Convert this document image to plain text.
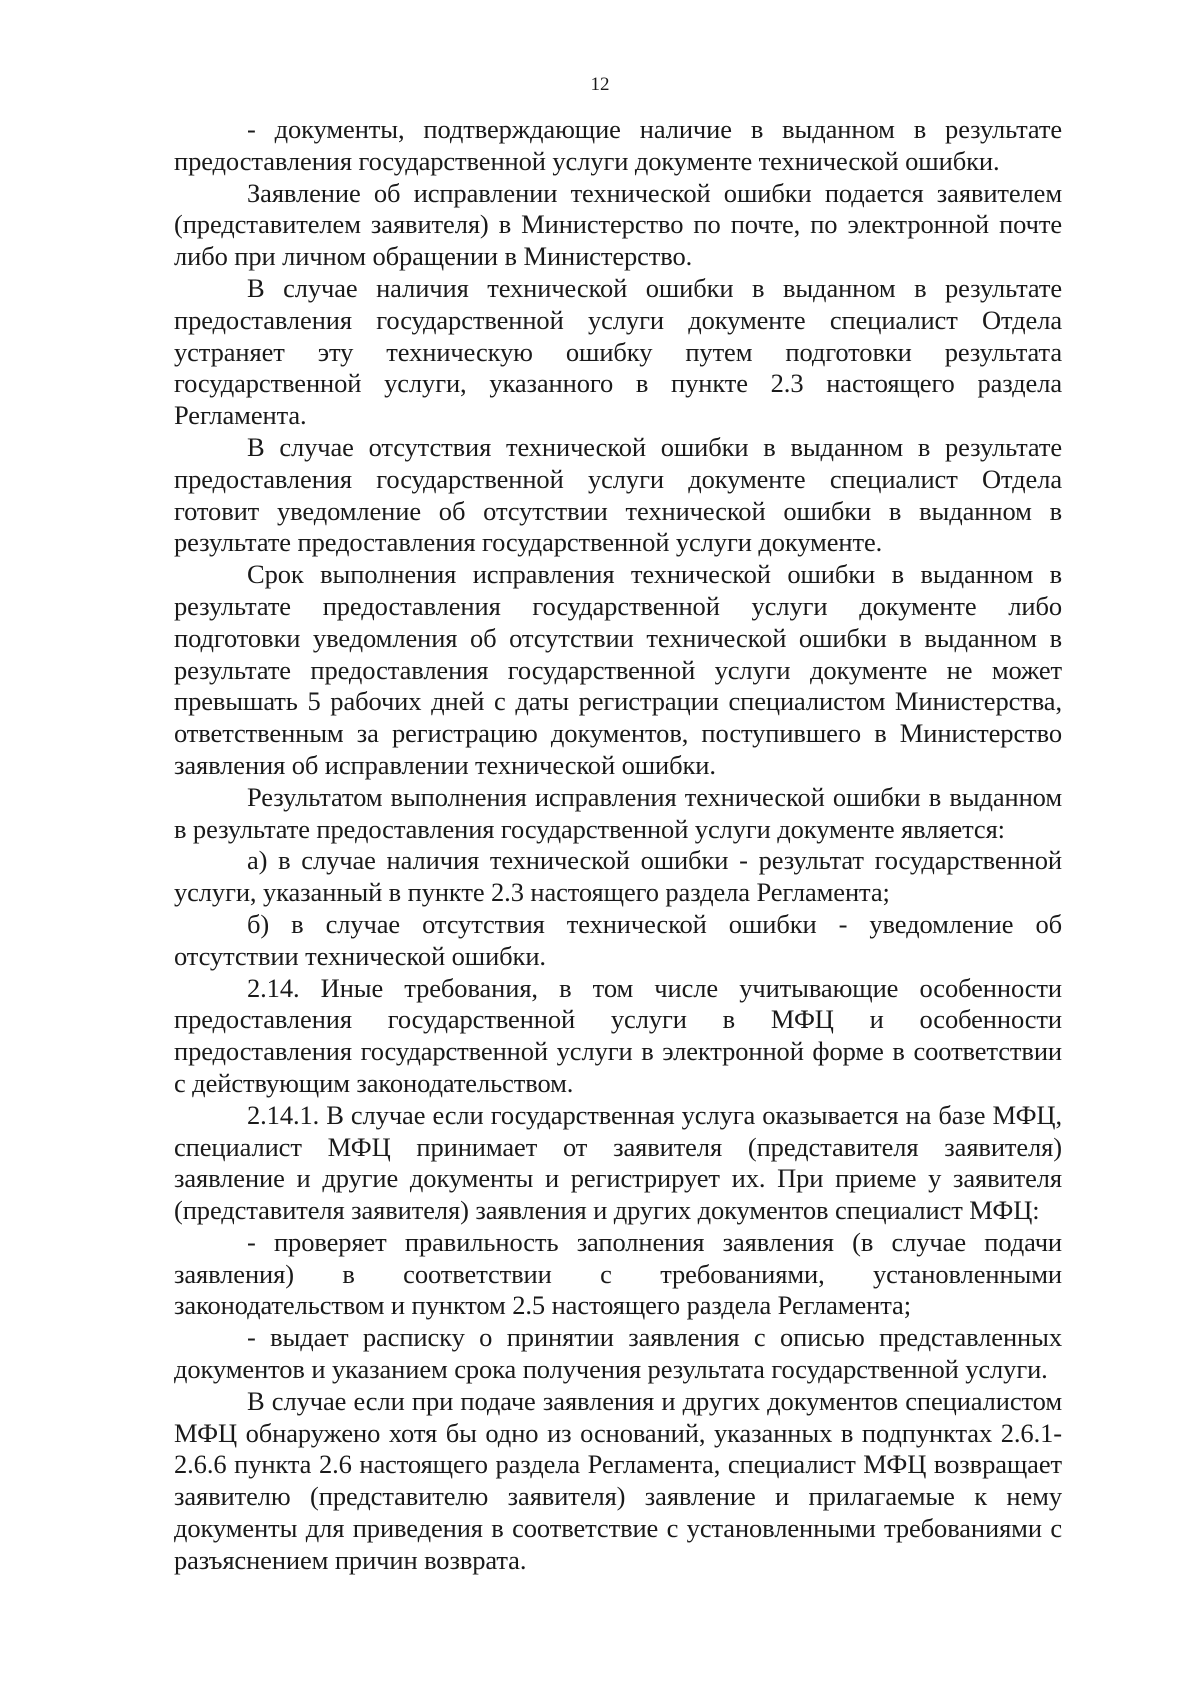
12

- документы, подтверждающие наличие в выданном в результате предоставления государственной услуги документе технической ошибки.

Заявление об исправлении технической ошибки подается заявителем (представителем заявителя) в Министерство по почте, по электронной почте либо при личном обращении в Министерство.

В случае наличия технической ошибки в выданном в результате предоставления государственной услуги документе специалист Отдела устраняет эту техническую ошибку путем подготовки результата государственной услуги, указанного в пункте 2.3 настоящего раздела Регламента.

В случае отсутствия технической ошибки в выданном в результате предоставления государственной услуги документе специалист Отдела готовит уведомление об отсутствии технической ошибки в выданном в результате предоставления государственной услуги документе.

Срок выполнения исправления технической ошибки в выданном в результате предоставления государственной услуги документе либо подготовки уведомления об отсутствии технической ошибки в выданном в результате предоставления государственной услуги документе не может превышать 5 рабочих дней с даты регистрации специалистом Министерства, ответственным за регистрацию документов, поступившего в Министерство заявления об исправлении технической ошибки.

Результатом выполнения исправления технической ошибки в выданном в результате предоставления государственной услуги документе является:

а) в случае наличия технической ошибки - результат государственной услуги, указанный в пункте 2.3 настоящего раздела Регламента;

б) в случае отсутствия технической ошибки - уведомление об отсутствии технической ошибки.

2.14. Иные требования, в том числе учитывающие особенности предоставления государственной услуги в МФЦ и особенности предоставления государственной услуги в электронной форме в соответствии с действующим законодательством.

2.14.1. В случае если государственная услуга оказывается на базе МФЦ, специалист МФЦ принимает от заявителя (представителя заявителя) заявление и другие документы и регистрирует их. При приеме у заявителя (представителя заявителя) заявления и других документов специалист МФЦ:

- проверяет правильность заполнения заявления (в случае подачи заявления) в соответствии с требованиями, установленными законодательством и пунктом 2.5 настоящего раздела Регламента;

- выдает расписку о принятии заявления с описью представленных документов и указанием срока получения результата государственной услуги.

В случае если при подаче заявления и других документов специалистом МФЦ обнаружено хотя бы одно из оснований, указанных в подпунктах 2.6.1-2.6.6 пункта 2.6 настоящего раздела Регламента, специалист МФЦ возвращает заявителю (представителю заявителя) заявление и прилагаемые к нему документы для приведения в соответствие с установленными требованиями с разъяснением причин возврата.
